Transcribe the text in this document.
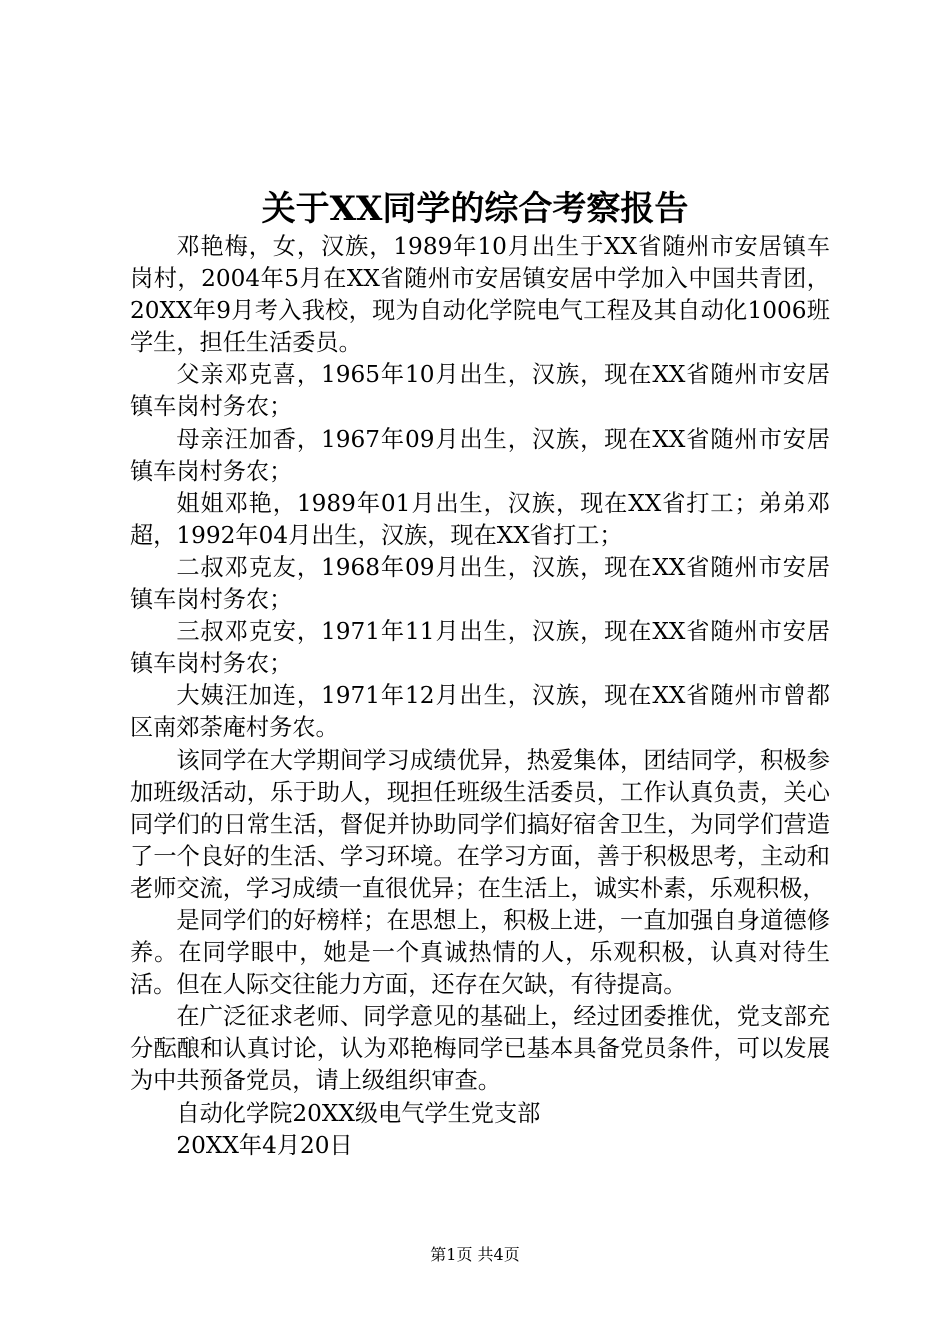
关于XX同学的综合考察报告

邓艳梅，女，汉族，1989年10月出生于XX省随州市安居镇车岗村，2004年5月在XX省随州市安居镇安居中学加入中国共青团，20XX年9月考入我校，现为自动化学院电气工程及其自动化1006班学生，担任生活委员。

父亲邓克喜，1965年10月出生，汉族，现在XX省随州市安居镇车岗村务农；

母亲汪加香，1967年09月出生，汉族，现在XX省随州市安居镇车岗村务农；

姐姐邓艳，1989年01月出生，汉族，现在XX省打工；弟弟邓超，1992年04月出生，汉族，现在XX省打工；

二叔邓克友，1968年09月出生，汉族，现在XX省随州市安居镇车岗村务农；

三叔邓克安，1971年11月出生，汉族，现在XX省随州市安居镇车岗村务农；

大姨汪加连，1971年12月出生，汉族，现在XX省随州市曾都区南郊荼庵村务农。

该同学在大学期间学习成绩优异，热爱集体，团结同学，积极参加班级活动，乐于助人，现担任班级生活委员，工作认真负责，关心同学们的日常生活，督促并协助同学们搞好宿舍卫生，为同学们营造了一个良好的生活、学习环境。在学习方面，善于积极思考，主动和老师交流，学习成绩一直很优异；在生活上，诚实朴素，乐观积极，

是同学们的好榜样；在思想上，积极上进，一直加强自身道德修养。在同学眼中，她是一个真诚热情的人，乐观积极，认真对待生活。但在人际交往能力方面，还存在欠缺，有待提高。

在广泛征求老师、同学意见的基础上，经过团委推优，党支部充分酝酿和认真讨论，认为邓艳梅同学已基本具备党员条件，可以发展为中共预备党员，请上级组织审查。

自动化学院20XX级电气学生党支部

20XX年4月20日

第1页 共4页
